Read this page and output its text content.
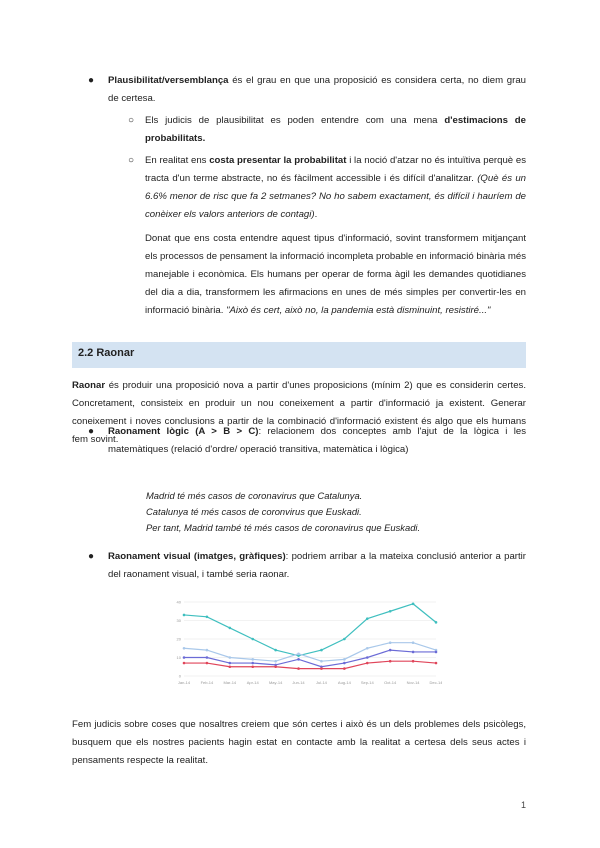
● Plausibilitat/versemblança és el grau en que una proposició es considera certa, no diem grau de certesa.

○ Els judicis de plausibilitat es poden entendre com una mena d'estimacions de probabilitats.

○ En realitat ens costa presentar la probabilitat i la noció d'atzar no és intuïtiva perquè es tracta d'un terme abstracte, no és fàcilment accessible i és difícil d'analitzar. (Què és un 6.6% menor de risc que fa 2 setmanes? No ho sabem exactament, és difícil i hauríem de conèixer els valors anteriors de contagi).

Donat que ens costa entendre aquest tipus d'informació, sovint transformem mitjançant els processos de pensament la informació incompleta probable en informació binària més manejable i econòmica. Els humans per operar de forma àgil les demandes quotidianes del dia a dia, transformem les afirmacions en unes de més simples per convertir-les en informació binària. "Això és cert, això no, la pandemia està disminuint, resistiré..."

2.2 Raonar

Raonar és produir una proposició nova a partir d'unes proposicions (mínim 2) que es considerin certes. Concretament, consisteix en produir un nou coneixement a partir d'informació ja existent. Generar coneixement i noves conclusions a partir de la combinació d'informació existent és algo que els humans fem sovint.

● Raonament lògic (A > B > C): relacionem dos conceptes amb l'ajut de la lògica i les matemàtiques (relació d'ordre/ operació transitiva, matemàtica i lògica)

Madrid té més casos de coronavirus que Catalunya.
Catalunya té més casos de coronvirus que Euskadi.
Per tant, Madrid també té més casos de coronavirus que Euskadi.
● Raonament visual (imatges, gràfiques): podriem arribar a la mateixa conclusió anterior a partir del raonament visual, i també seria raonar.

40
30
20
10
0
Jan-14	Feb-14	Mar-14	Apr-14	May-14	Jun-14	Jul-14	Aug-14	Sep-14	Oct-14	Nov-14	Dec-14

Fem judicis sobre coses que nosaltres creiem que són certes i això és un dels problemes dels psicòlegs, busquem que els nostres pacients hagin estat en contacte amb la realitat a certesa dels seus actes i pensaments respecte la realitat.

1
